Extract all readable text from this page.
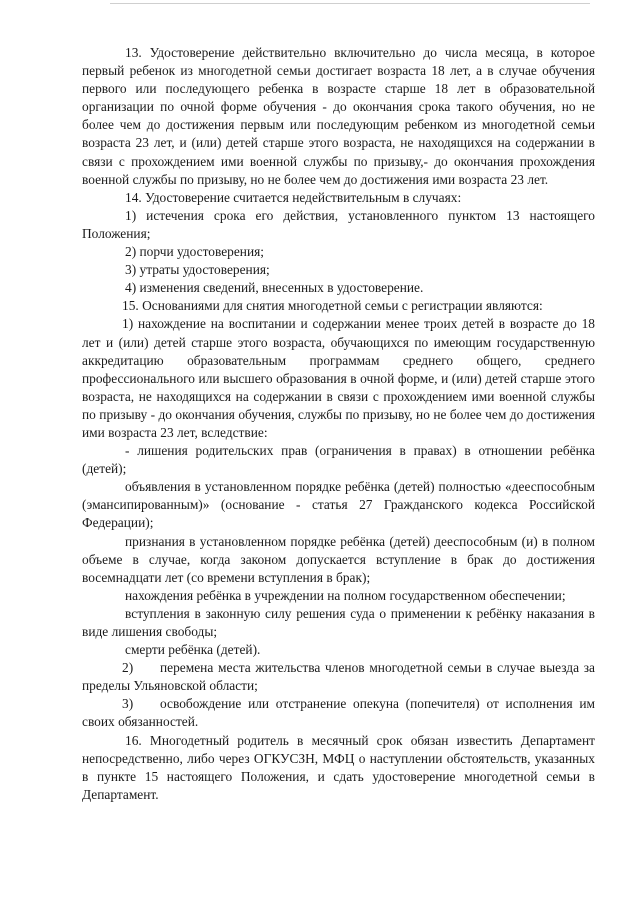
13. Удостоверение действительно включительно до числа месяца, в которое первый ребенок из многодетной семьи достигает возраста 18 лет, а в случае обучения первого или последующего ребенка в возрасте старше 18 лет в образовательной организации по очной форме обучения - до окончания срока такого обучения, но не более чем до достижения первым или последующим ребенком из многодетной семьи возраста 23 лет, и (или) детей старше этого возраста, не находящихся на содержании в связи с прохождением ими военной службы по призыву,- до окончания прохождения военной службы по призыву, но не более чем до достижения ими возраста 23 лет.

14. Удостоверение считается недействительным в случаях:

1) истечения срока его действия, установленного пунктом 13 настоящего Положения;

2) порчи удостоверения;

3) утраты удостоверения;

4) изменения сведений, внесенных в удостоверение.

15. Основаниями для снятия многодетной семьи с регистрации являются:

1) нахождение на воспитании и содержании менее троих детей в возрасте до 18 лет и (или) детей старше этого возраста, обучающихся по имеющим государственную аккредитацию образовательным программам среднего общего, среднего профессионального или высшего образования в очной форме, и (или) детей старше этого возраста, не находящихся на содержании в связи с прохождением ими военной службы по призыву - до окончания обучения, службы по призыву, но не более чем до достижения ими возраста 23 лет, вследствие:

- лишения родительских прав (ограничения в правах) в отношении ребёнка (детей);

объявления в установленном порядке ребёнка (детей) полностью «дееспособным (эмансипированным)» (основание - статья 27 Гражданского кодекса Российской Федерации);

признания в установленном порядке ребёнка (детей) дееспособным (и) в полном объеме в случае, когда законом допускается вступление в брак до достижения восемнадцати лет (со времени вступления в брак);

нахождения ребёнка в учреждении на полном государственном обеспечении;

вступления в законную силу решения суда о применении к ребёнку наказания в виде лишения свободы;

смерти ребёнка (детей).

2) перемена места жительства членов многодетной семьи в случае выезда за пределы Ульяновской области;

3) освобождение или отстранение опекуна (попечителя) от исполнения им своих обязанностей.

16. Многодетный родитель в месячный срок обязан известить Департамент непосредственно, либо через ОГКУСЗН, МФЦ о наступлении обстоятельств, указанных в пункте 15 настоящего Положения, и сдать удостоверение многодетной семьи в Департамент.
